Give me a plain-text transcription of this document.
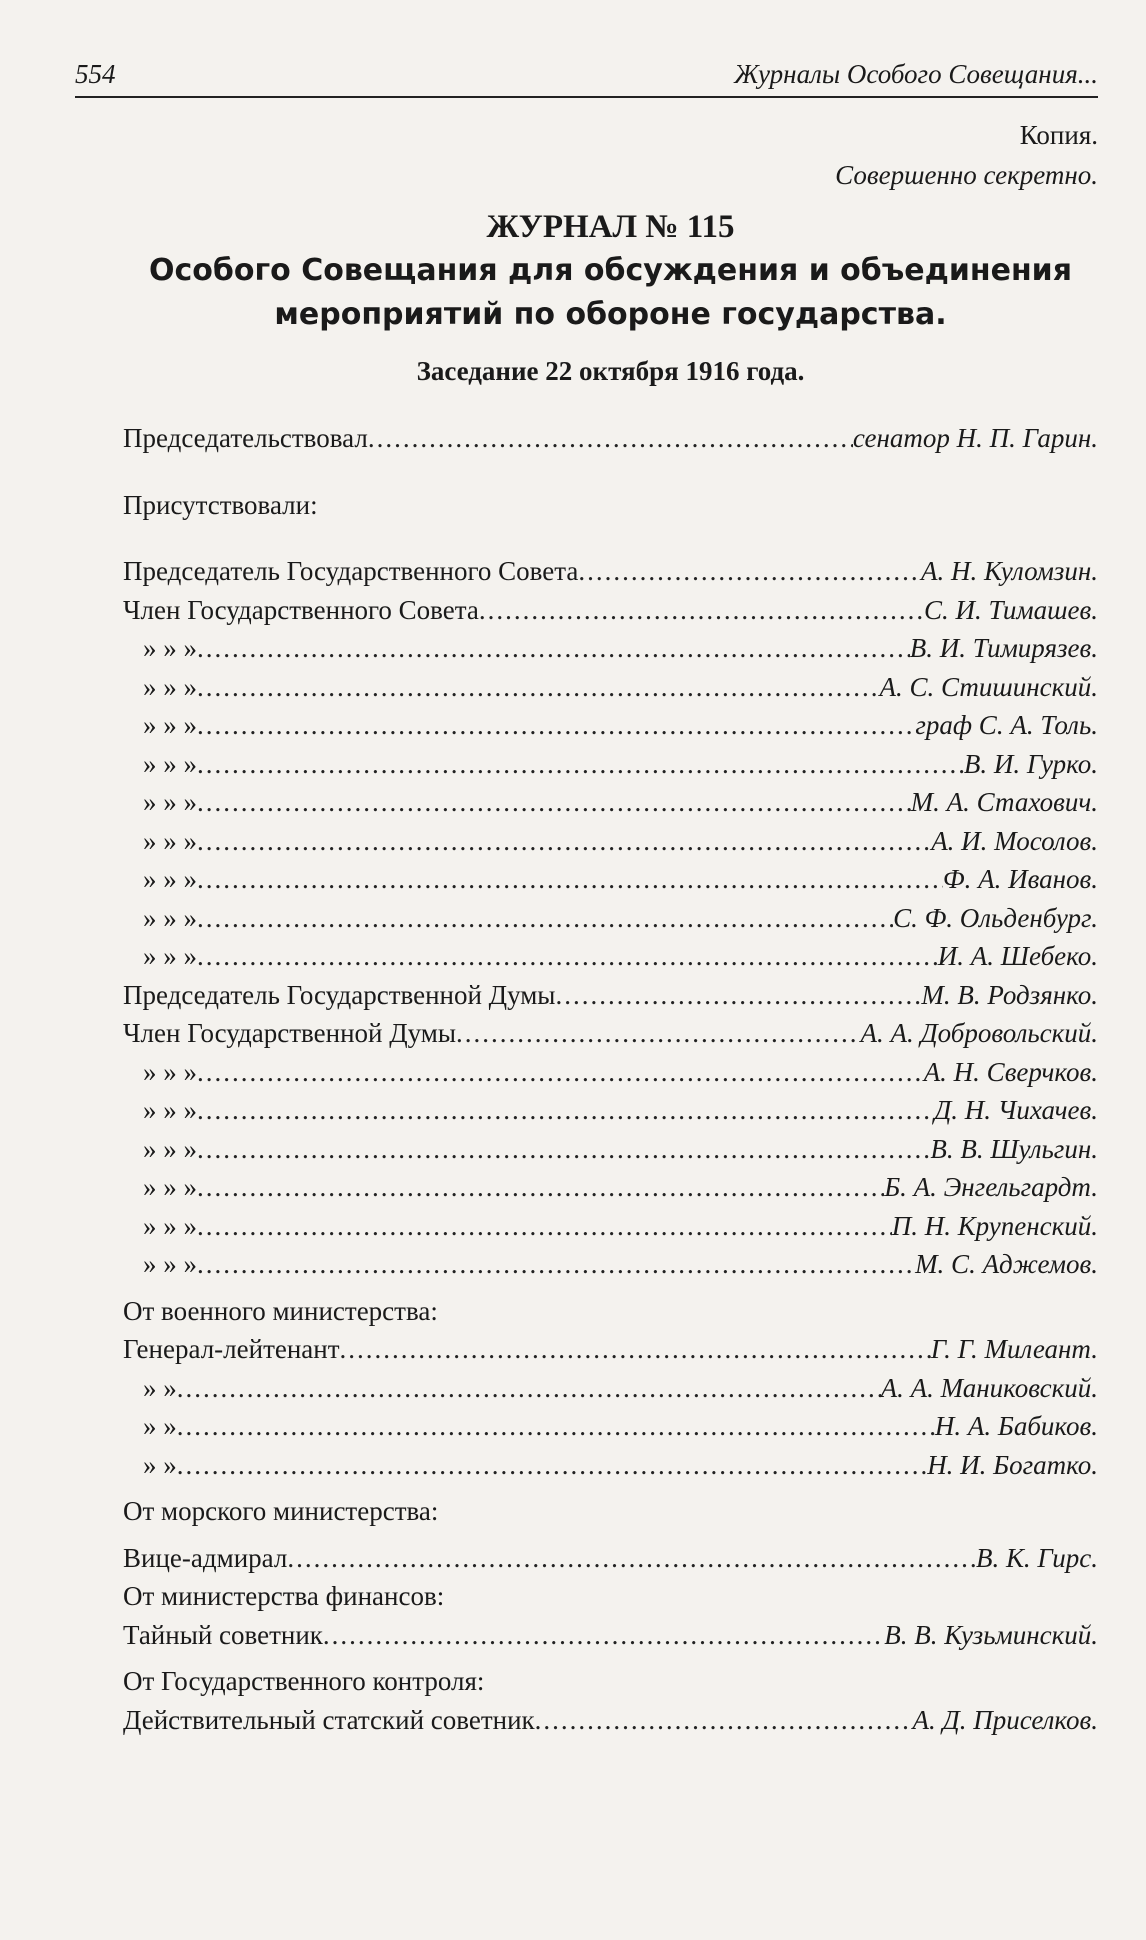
554	Журналы Особого Совещания...
Копия.
Совершенно секретно.
ЖУРНАЛ № 115
Особого Совещания для обсуждения и объединения
мероприятий по обороне государства.
Заседание 22 октября 1916 года.
Председательствовал .....	сенатор Н. П. Гарин.
Присутствовали:
Председатель Государственного Совета .....	А. Н. Куломзин.
Член Государственного Совета .....	С. И. Тимашев.
» » » .....	В. И. Тимирязев.
» » » .....	А. С. Стишинский.
» » » .....	граф С. А. Толь.
» » » .....	В. И. Гурко.
» » » .....	М. А. Стахович.
» » » .....	А. И. Мосолов.
» » » .....	Ф. А. Иванов.
» » » .....	С. Ф. Ольденбург.
» » » .....	И. А. Шебеко.
Председатель Государственной Думы .....	М. В. Родзянко.
Член Государственной Думы .....	А. А. Добровольский.
» » » .....	А. Н. Сверчков.
» » » .....	Д. Н. Чихачев.
» » » .....	В. В. Шульгин.
» » » .....	Б. А. Энгельгардт.
» » » .....	П. Н. Крупенский.
» » » .....	М. С. Аджемов.
От военного министерства:
Генерал-лейтенант .....	Г. Г. Милеант.
» » .....	А. А. Маниковский.
» » .....	Н. А. Бабиков.
» » .....	Н. И. Богатко.
От морского министерства:
Вице-адмирал .....	В. К. Гирс.
От министерства финансов:
Тайный советник .....	В. В. Кузьминский.
От Государственного контроля:
Действительный статский советник .....	А. Д. Приселков.
